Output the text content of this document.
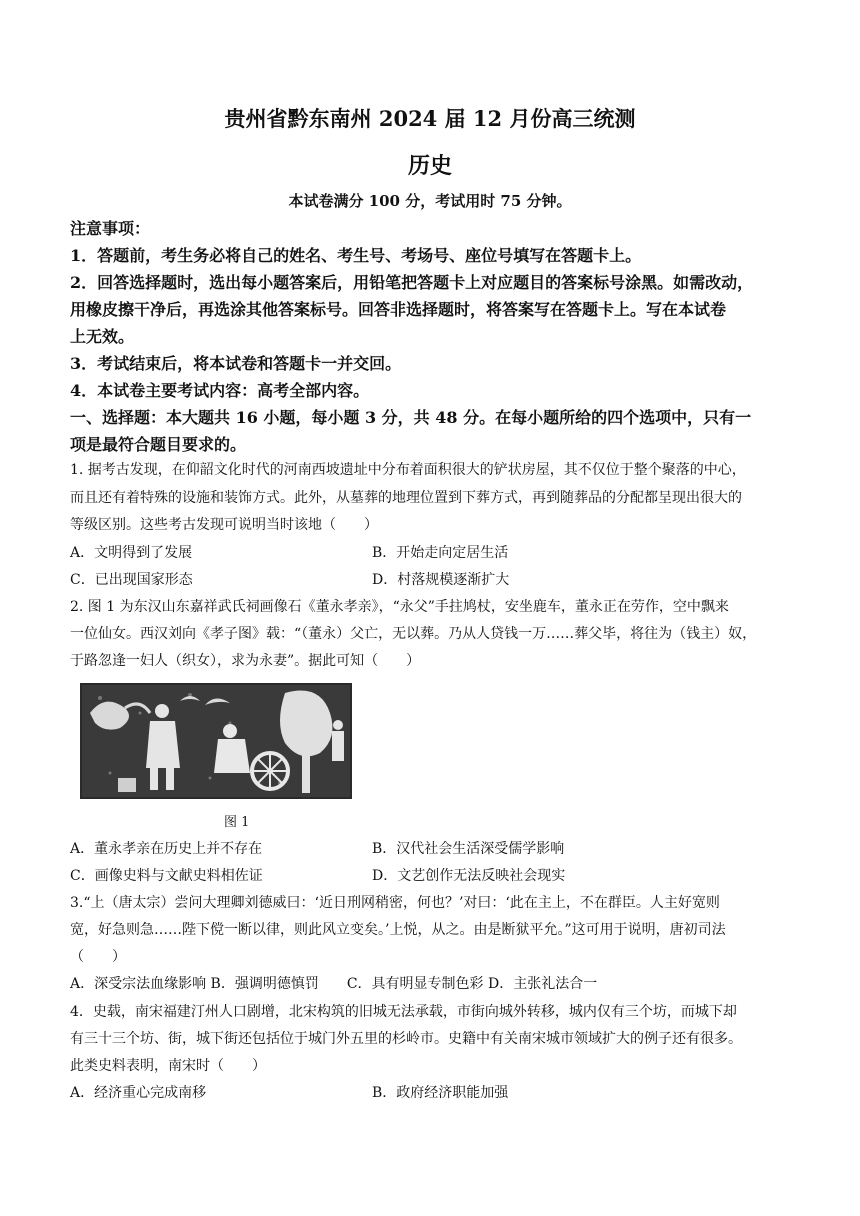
贵州省黔东南州 2024 届 12 月份高三统测
历史
本试卷满分 100 分，考试用时 75 分钟。
注意事项：
1．答题前，考生务必将自己的姓名、考生号、考场号、座位号填写在答题卡上。
2．回答选择题时，选出每小题答案后，用铅笔把答题卡上对应题目的答案标号涂黑。如需改动，
用橡皮擦干净后，再选涂其他答案标号。回答非选择题时，将答案写在答题卡上。写在本试卷
上无效。
3．考试结束后，将本试卷和答题卡一并交回。
4．本试卷主要考试内容：高考全部内容。
一、选择题：本大题共 16 小题，每小题 3 分，共 48 分。在每小题所给的四个选项中，只有一
项是最符合题目要求的。
1. 据考古发现，在仰韶文化时代的河南西坡遗址中分布着面积很大的铲状房屋，其不仅位于整个聚落的中心，
而且还有着特殊的设施和装饰方式。此外，从墓葬的地理位置到下葬方式，再到随葬品的分配都呈现出很大的
等级区别。这些考古发现可说明当时该地（　　）
A．文明得到了发展	B．开始走向定居生活
C．已出现国家形态	D．村落规模逐渐扩大
2. 图 1 为东汉山东嘉祥武氏祠画像石《董永孝亲》，“永父”手拄鸠杖，安坐鹿车，董永正在劳作，空中飘来
一位仙女。西汉刘向《孝子图》载：“（董永）父亡，无以葬。乃从人贷钱一万……葬父毕，将往为（钱主）奴，
于路忽逢一妇人（织女），求为永妻”。据此可知（　　）
图 1
A．董永孝亲在历史上并不存在	B．汉代社会生活深受儒学影响
C．画像史料与文献史料相佐证	D．文艺创作无法反映社会现实
3.“上（唐太宗）尝问大理卿刘德威曰：‘近日刑网稍密，何也？’对曰：‘此在主上，不在群臣。人主好宽则
宽，好急则急……陛下傥一断以律，则此风立变矣。’上悦，从之。由是断狱平允。”这可用于说明，唐初司法
（　　）
A．深受宗法血缘影响 B．强调明德慎罚　　C．具有明显专制色彩 D．主张礼法合一
4．史载，南宋福建汀州人口剧增，北宋构筑的旧城无法承载，市街向城外转移，城内仅有三个坊，而城下却
有三十三个坊、街，城下街还包括位于城门外五里的杉岭市。史籍中有关南宋城市领域扩大的例子还有很多。
此类史料表明，南宋时（　　）
A．经济重心完成南移	B．政府经济职能加强
